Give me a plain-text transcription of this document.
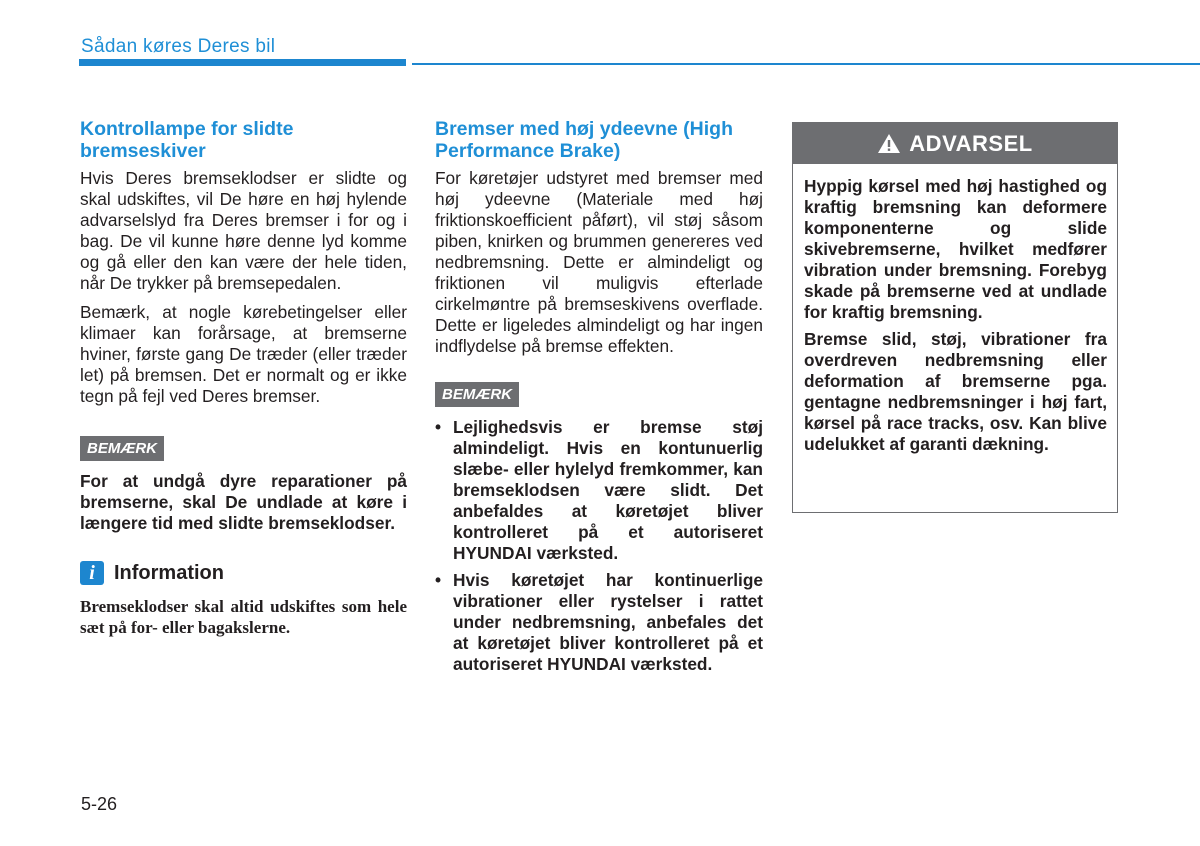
Sådan køres Deres bil
Kontrollampe for slidte bremseskiver

Hvis Deres bremseklodser er slidte og skal udskiftes, vil De høre en høj hylende advarselslyd fra Deres bremser i for og i bag. De vil kunne høre denne lyd komme og gå eller den kan være der hele tiden, når De trykker på bremsepedalen.

Bemærk, at nogle kørebetingelser eller klimaer kan forårsage, at bremserne hviner, første gang De træder (eller træder let) på bremsen. Det er normalt og er ikke tegn på fejl ved Deres bremser.

BEMÆRK

For at undgå dyre reparationer på bremserne, skal De undlade at køre i længere tid med slidte bremseklodser.

i Information

Bremseklodser skal altid udskiftes som hele sæt på for- eller bagakslerne.

Bremser med høj ydeevne (High Performance Brake)

For køretøjer udstyret med bremser med høj ydeevne (Materiale med høj friktionskoefficient påført), vil støj såsom piben, knirken og brummen genereres ved nedbremsning. Dette er almindeligt og friktionen vil muligvis efterlade cirkelmøntre på bremseskivens overflade. Dette er ligeledes almindeligt og har ingen indflydelse på bremse effekten.

BEMÆRK
• Lejlighedsvis er bremse støj almindeligt. Hvis en kontunuerlig slæbe- eller hylelyd fremkommer, kan bremseklodsen være slidt. Det anbefaldes at køretøjet bliver kontrolleret på et autoriseret HYUNDAI værksted.
• Hvis køretøjet har kontinuerlige vibrationer eller rystelser i rattet under nedbremsning, anbefales det at køretøjet bliver kontrolleret på et autoriseret HYUNDAI værksted.
ADVARSEL

Hyppig kørsel med høj hastighed og kraftig bremsning kan deformere komponenterne og slide skivebremserne, hvilket medfører vibration under bremsning. Forebyg skade på bremserne ved at undlade for kraftig bremsning.

Bremse slid, støj, vibrationer fra overdreven nedbremsning eller deformation af bremserne pga. gentagne nedbremsninger i høj fart, kørsel på race tracks, osv. Kan blive udelukket af garanti dækning.

5-26
